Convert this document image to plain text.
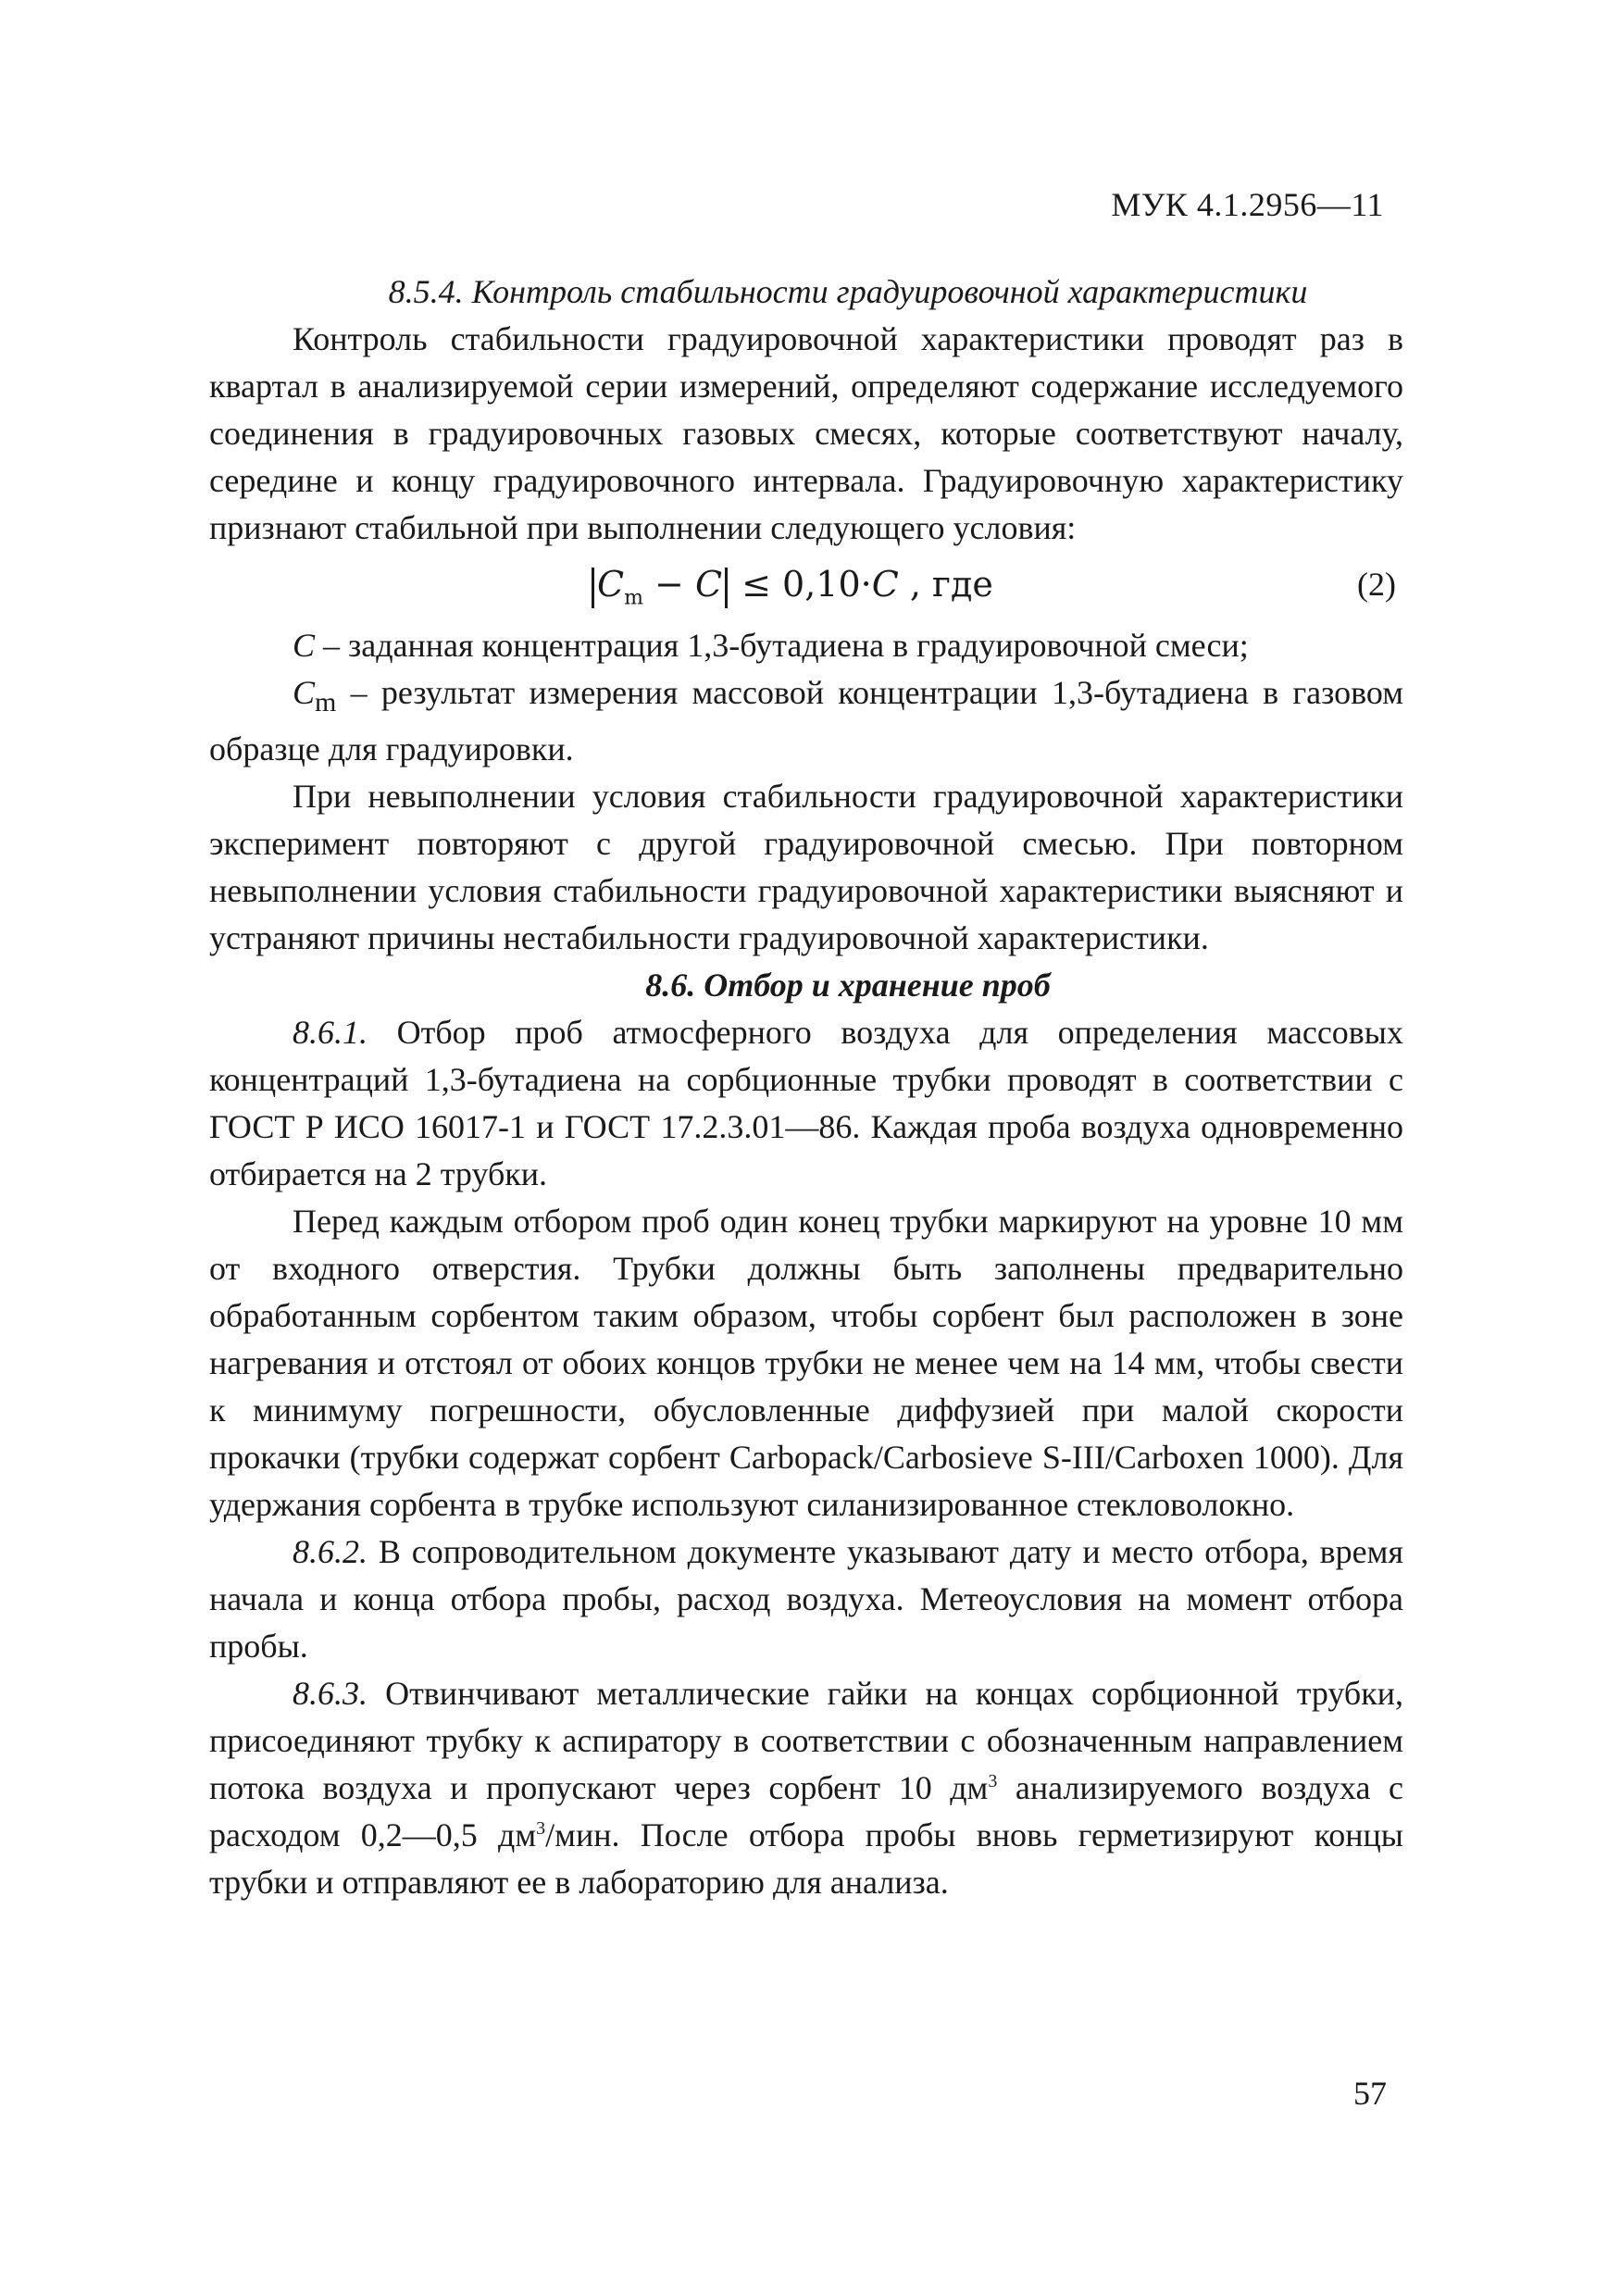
МУК 4.1.2956—11

8.5.4. Контроль стабильности градуировочной характеристики

Контроль стабильности градуировочной характеристики проводят раз в квартал в анализируемой серии измерений, определяют содержание исследуемого соединения в градуировочных газовых смесях, которые соответствуют началу, середине и концу градуировочного интервала. Градуировочную характеристику признают стабильной при выполнении следующего условия:

$C_m - C \le 0,10\cdot C$ , где	(2)

С – заданная концентрация 1,3-бутадиена в градуировочной смеси;

$С_m$ – результат измерения массовой концентрации 1,3-бутадиена в газовом образце для градуировки.

При невыполнении условия стабильности градуировочной характеристики эксперимент повторяют с другой градуировочной смесью. При повторном невыполнении условия стабильности градуировочной характеристики выясняют и устраняют причины нестабильности градуировочной характеристики.

8.6. Отбор и хранение проб

8.6.1. Отбор проб атмосферного воздуха для определения массовых концентраций 1,3-бутадиена на сорбционные трубки проводят в соответствии с ГОСТ Р ИСО 16017-1 и ГОСТ 17.2.3.01—86. Каждая проба воздуха одновременно отбирается на 2 трубки.

Перед каждым отбором проб один конец трубки маркируют на уровне 10 мм от входного отверстия. Трубки должны быть заполнены предварительно обработанным сорбентом таким образом, чтобы сорбент был расположен в зоне нагревания и отстоял от обоих концов трубки не менее чем на 14 мм, чтобы свести к минимуму погрешности, обусловленные диффузией при малой скорости прокачки (трубки содержат сорбент Carbopack/Carbosieve S-III/Carboxen 1000). Для удержания сорбента в трубке используют силанизированное стекловолокно.

8.6.2. В сопроводительном документе указывают дату и место отбора, время начала и конца отбора пробы, расход воздуха. Метеоусловия на момент отбора пробы.

8.6.3. Отвинчивают металлические гайки на концах сорбционной трубки, присоединяют трубку к аспиратору в соответствии с обозначенным направлением потока воздуха и пропускают через сорбент 10 $дм^3$ анализируемого воздуха с расходом 0,2—0,5 $дм^3$/мин. После отбора пробы вновь герметизируют концы трубки и отправляют ее в лабораторию для анализа.

57
